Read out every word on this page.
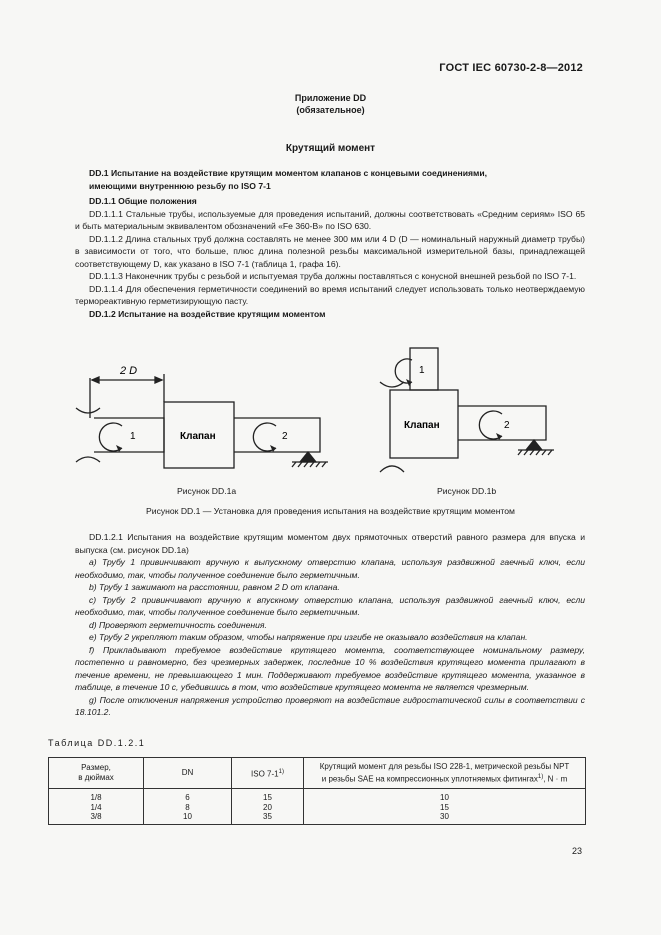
ГОСТ IEC 60730-2-8—2012
Приложение DD
(обязательное)
Крутящий момент

DD.1 Испытание на воздействие крутящим моментом клапанов с концевыми соединениями,

имеющими внутреннюю резьбу по ISO 7-1

DD.1.1 Общие положения

DD.1.1.1 Стальные трубы, используемые для проведения испытаний, должны соответствовать «Средним сериям» ISO 65 и быть материальным эквивалентом обозначений «Fe 360-B» по ISO 630.

DD.1.1.2 Длина стальных труб должна составлять не менее 300 мм или 4 D (D — номинальный наружный диаметр трубы) в зависимости от того, что больше, плюс длина полезной резьбы максимальной измерительной базы, принадлежащей соответствующему D, как указано в ISO 7-1 (таблица 1, графа 16).

DD.1.1.3 Наконечник трубы с резьбой и испытуемая труба должны поставляться с конусной внешней резьбой по ISO 7-1.

DD.1.1.4 Для обеспечения герметичности соединений во время испытаний следует использовать только неотверждаемую термореактивную герметизирующую пасту.

DD.1.2 Испытание на воздействие крутящим моментом

2 D
1	Клапан	2
1
Клапан	2
Рисунок DD.1a	Рисунок DD.1b
Рисунок DD.1 — Установка для проведения испытания на воздействие крутящим моментом

DD.1.2.1 Испытания на воздействие крутящим моментом двух прямоточных отверстий равного размера для впуска и выпуска (см. рисунок DD.1a)

a) Трубу 1 привинчивают вручную к выпускному отверстию клапана, используя раздвижной гаечный ключ, если необходимо, так, чтобы полученное соединение было герметичным.

b) Трубу 1 зажимают на расстоянии, равном 2 D от клапана.

c) Трубу 2 привинчивают вручную к впускному отверстию клапана, используя раздвижной гаечный ключ, если необходимо, так, чтобы полученное соединение было герметичным.

d) Проверяют герметичность соединения.

e) Трубу 2 укрепляют таким образом, чтобы напряжение при изгибе не оказывало воздействия на клапан.

f) Прикладывают требуемое воздействие крутящего момента, соответствующее номинальному размеру, постепенно и равномерно, без чрезмерных задержек, последние 10 % воздействия крутящего момента прилагают в течение времени, не превышающего 1 мин. Поддерживают требуемое воздействие крутящего момента, указанное в таблице, в течение 10 с, убедившись в том, что воздействие крутящего момента не является чрезмерным.

g) После отключения напряжения устройство проверяют на воздействие гидростатической силы в соответствии с 18.101.2.

Таблица DD.1.2.1
Размер,
в дюймах	DN	ISO 7-1$^{1)}$	Крутящий момент для резьбы ISO 228-1, метрической резьбы NPT
и резьбы SAE на компрессионных уплотняемых фитингах$^{1)}$, N · m
1/8	6	15	10
1/4	8	20	15
3/8	10	35	30
23
